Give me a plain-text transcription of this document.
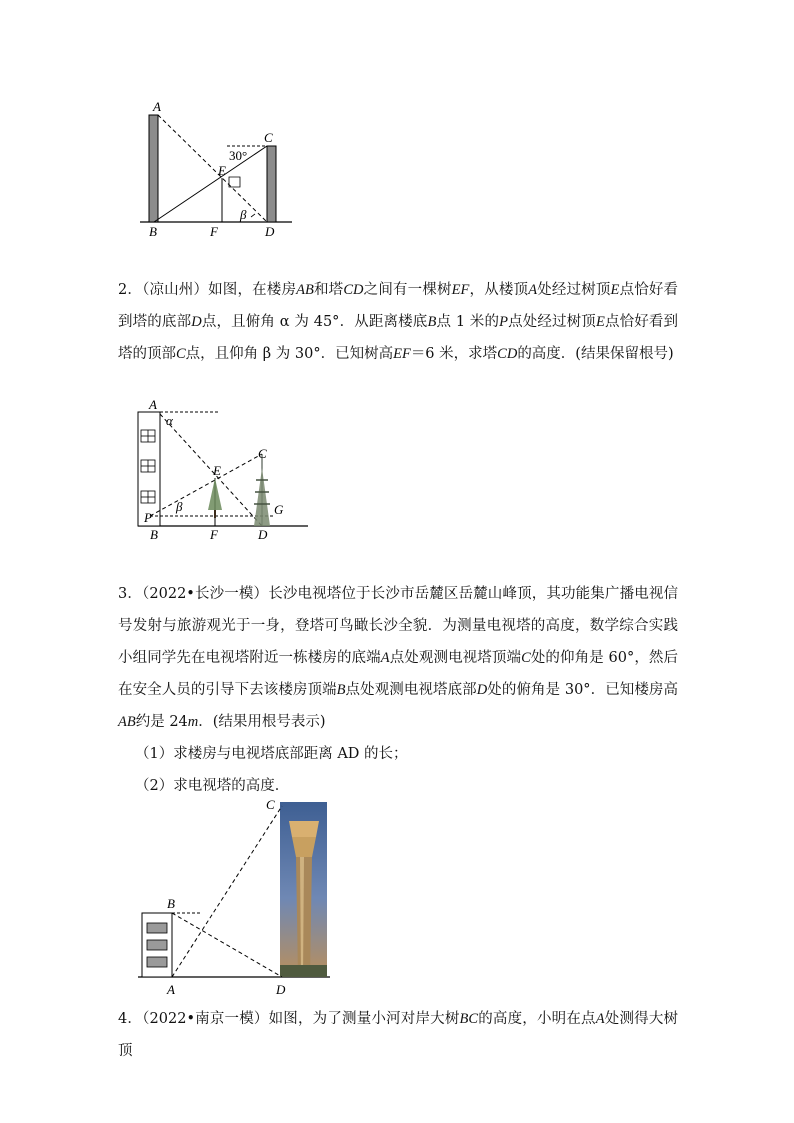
A
B
C
D
E
F
β
30°

2．（凉山州）如图，在楼房AB和塔CD之间有一棵树EF，从楼顶A处经过树顶E点恰好看到塔的底部D点，且俯角 α 为 45°．从距离楼底B点 1 米的P点处经过树顶E点恰好看到塔的顶部C点，且仰角 β 为 30°．已知树高EF＝6 米，求塔CD的高度．(结果保留根号)

A
α
E
C
G
P
β
B	F	D

3．（2022•长沙一模）长沙电视塔位于长沙市岳麓区岳麓山峰顶，其功能集广播电视信号发射与旅游观光于一身，登塔可鸟瞰长沙全貌．为测量电视塔的高度，数学综合实践小组同学先在电视塔附近一栋楼房的底端A点处观测电视塔顶端C处的仰角是 60°，然后在安全人员的引导下去该楼房顶端B点处观测电视塔底部D处的俯角是 30°．已知楼房高AB约是 24m．(结果用根号表示)

（1）求楼房与电视塔底部距离 AD 的长；

（2）求电视塔的高度．

C
B
A	D

4．（2022•南京一模）如图，为了测量小河对岸大树BC的高度，小明在点A处测得大树顶
